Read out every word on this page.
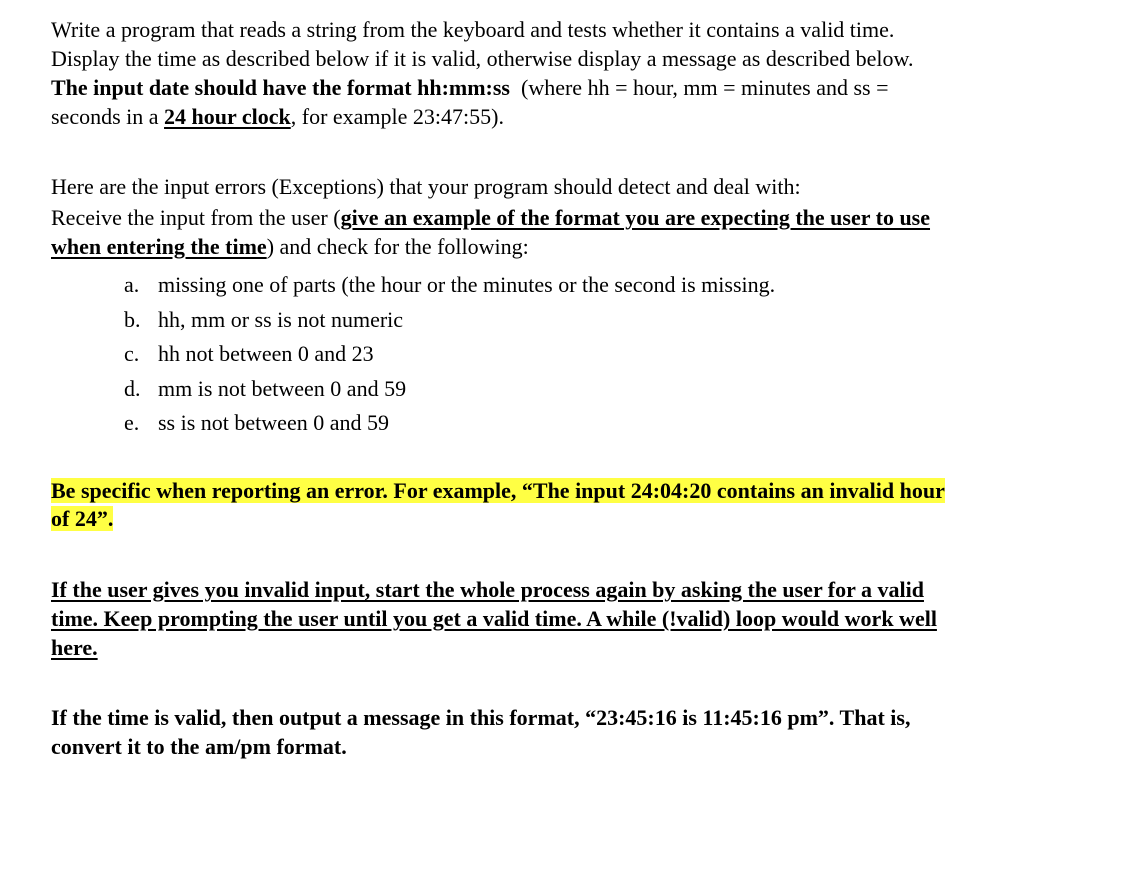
Write a program that reads a string from the keyboard and tests whether it contains a valid time.
Display the time as described below if it is valid, otherwise display a message as described below.
The input date should have the format hh:mm:ss  (where hh = hour, mm = minutes and ss =
seconds in a 24 hour clock, for example 23:47:55).
Here are the input errors (Exceptions) that your program should detect and deal with:
Receive the input from the user (give an example of the format you are expecting the user to use
when entering the time) and check for the following:
a. missing one of parts (the hour or the minutes or the second is missing.
b. hh, mm or ss is not numeric
c. hh not between 0 and 23
d. mm is not between 0 and 59
e. ss is not between 0 and 59
Be specific when reporting an error. For example, “The input 24:04:20 contains an invalid hour
of 24”.
If the user gives you invalid input, start the whole process again by asking the user for a valid
time. Keep prompting the user until you get a valid time. A while (!valid) loop would work well
here.
If the time is valid, then output a message in this format, “23:45:16 is 11:45:16 pm”. That is,
convert it to the am/pm format.
